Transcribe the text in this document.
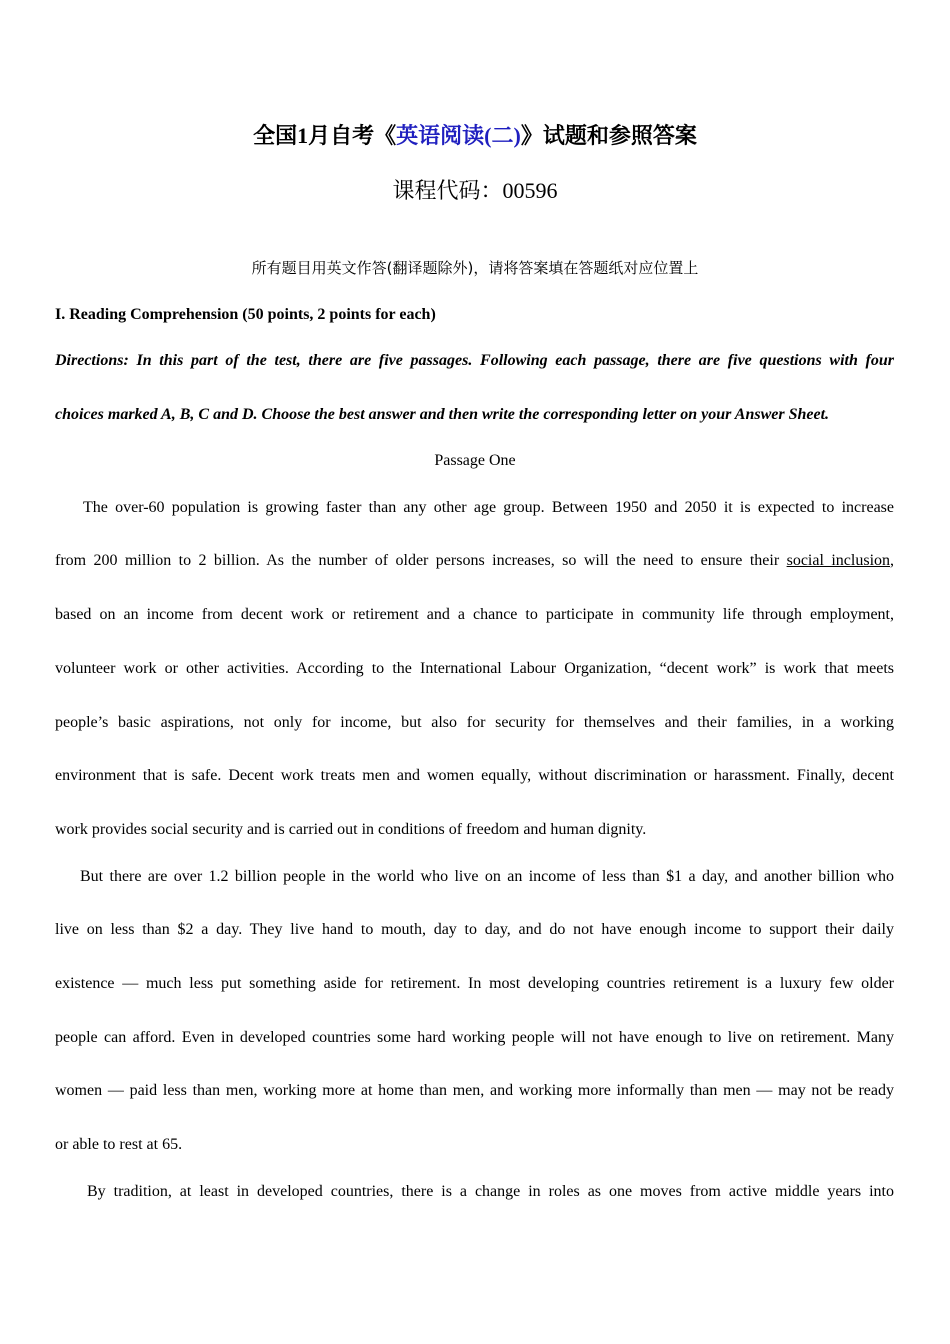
全国1月自考《英语阅读(二)》试题和参照答案
课程代码：00596
所有题目用英文作答(翻译题除外)，请将答案填在答题纸对应位置上
I. Reading Comprehension (50 points, 2 points for each)
Directions: In this part of the test, there are five passages. Following each passage, there are five questions with four
choices marked A, B, C and D. Choose the best answer and then write the corresponding letter on your Answer Sheet.
Passage One
The over-60 population is growing faster than any other age group. Between 1950 and 2050 it is expected to increase
from 200 million to 2 billion. As the number of older persons increases, so will the need to ensure their social inclusion,
based on an income from decent work or retirement and a chance to participate in community life through employment,
volunteer work or other activities. According to the International Labour Organization, “decent work” is work that meets
people’s basic aspirations, not only for income, but also for security for themselves and their families, in a working
environment that is safe. Decent work treats men and women equally, without discrimination or harassment. Finally, decent
work provides social security and is carried out in conditions of freedom and human dignity.
But there are over 1.2 billion people in the world who live on an income of less than $1 a day, and another billion who
live on less than $2 a day. They live hand to mouth, day to day, and do not have enough income to support their daily
existence — much less put something aside for retirement. In most developing countries retirement is a luxury few older
people can afford. Even in developed countries some hard working people will not have enough to live on retirement. Many
women — paid less than men, working more at home than men, and working more informally than men — may not be ready
or able to rest at 65.
By tradition, at least in developed countries, there is a change in roles as one moves from active middle years into
